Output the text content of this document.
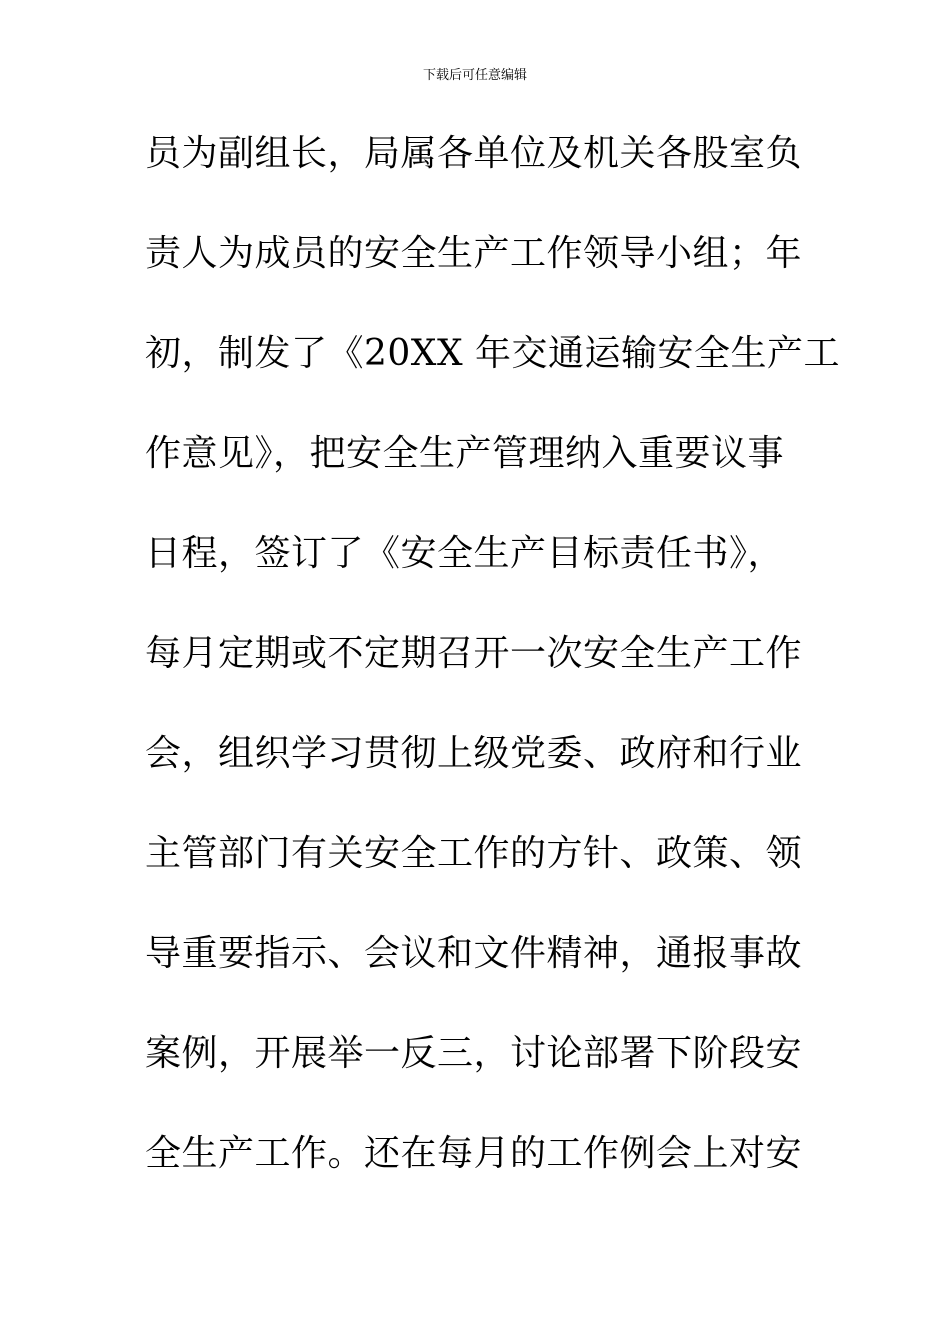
下载后可任意编辑
员为副组长，局属各单位及机关各股室负
责人为成员的安全生产工作领导小组；年
初，制发了《20XX 年交通运输安全生产工
作意见》，把安全生产管理纳入重要议事
日程，签订了《安全生产目标责任书》，
每月定期或不定期召开一次安全生产工作
会，组织学习贯彻上级党委、政府和行业
主管部门有关安全工作的方针、政策、领
导重要指示、会议和文件精神，通报事故
案例，开展举一反三，讨论部署下阶段安
全生产工作。还在每月的工作例会上对安
